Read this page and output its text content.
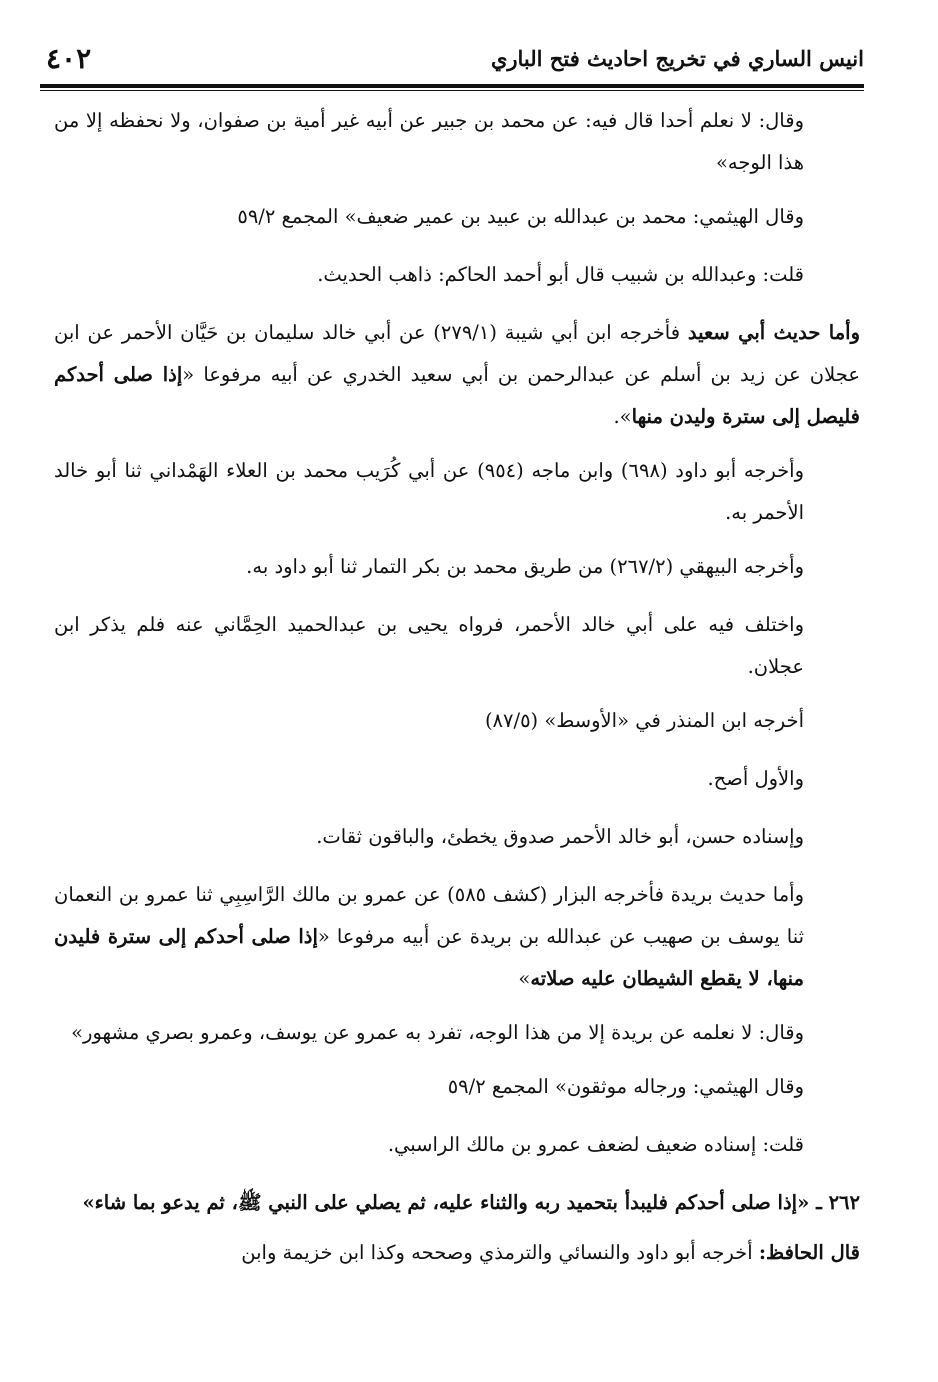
انيس الساري في تخريج احاديث فتح الباري
٤٠٢

وقال: لا نعلم أحدا قال فيه: عن محمد بن جبير عن أبيه غير أمية بن صفوان، ولا نحفظه إلا من هذا الوجه»

وقال الهيثمي: محمد بن عبدالله بن عبيد بن عمير ضعيف» المجمع ٥٩/٢

قلت: وعبدالله بن شبيب قال أبو أحمد الحاكم: ذاهب الحديث.

وأما حديث أبي سعيد فأخرجه ابن أبي شيبة (٢٧٩/١) عن أبي خالد سليمان بن حَيَّان الأحمر عن ابن عجلان عن زيد بن أسلم عن عبدالرحمن بن أبي سعيد الخدري عن أبيه مرفوعا «إذا صلى أحدكم فليصل إلى سترة وليدن منها».

وأخرجه أبو داود (٦٩٨) وابن ماجه (٩٥٤) عن أبي كُرَيب محمد بن العلاء الهَمْداني ثنا أبو خالد الأحمر به.

وأخرجه البيهقي (٢٦٧/٢) من طريق محمد بن بكر التمار ثنا أبو داود به.

واختلف فيه على أبي خالد الأحمر، فرواه يحيى بن عبدالحميد الحِمَّاني عنه فلم يذكر ابن عجلان.

أخرجه ابن المنذر في «الأوسط» (٨٧/٥)

والأول أصح.

وإسناده حسن، أبو خالد الأحمر صدوق يخطئ، والباقون ثقات.

وأما حديث بريدة فأخرجه البزار (كشف ٥٨٥) عن عمرو بن مالك الرَّاسِبِي ثنا عمرو بن النعمان ثنا يوسف بن صهيب عن عبدالله بن بريدة عن أبيه مرفوعا «إذا صلى أحدكم إلى سترة فليدن منها، لا يقطع الشيطان عليه صلاته»

وقال: لا نعلمه عن بريدة إلا من هذا الوجه، تفرد به عمرو عن يوسف، وعمرو بصري مشهور»

وقال الهيثمي: ورجاله موثقون» المجمع ٥٩/٢

قلت: إسناده ضعيف لضعف عمرو بن مالك الراسبي.

٢٦٢ ـ «إذا صلى أحدكم فليبدأ بتحميد ربه والثناء عليه، ثم يصلي على النبي ﷺ، ثم يدعو بما شاء»

قال الحافظ: أخرجه أبو داود والنسائي والترمذي وصححه وكذا ابن خزيمة وابن
